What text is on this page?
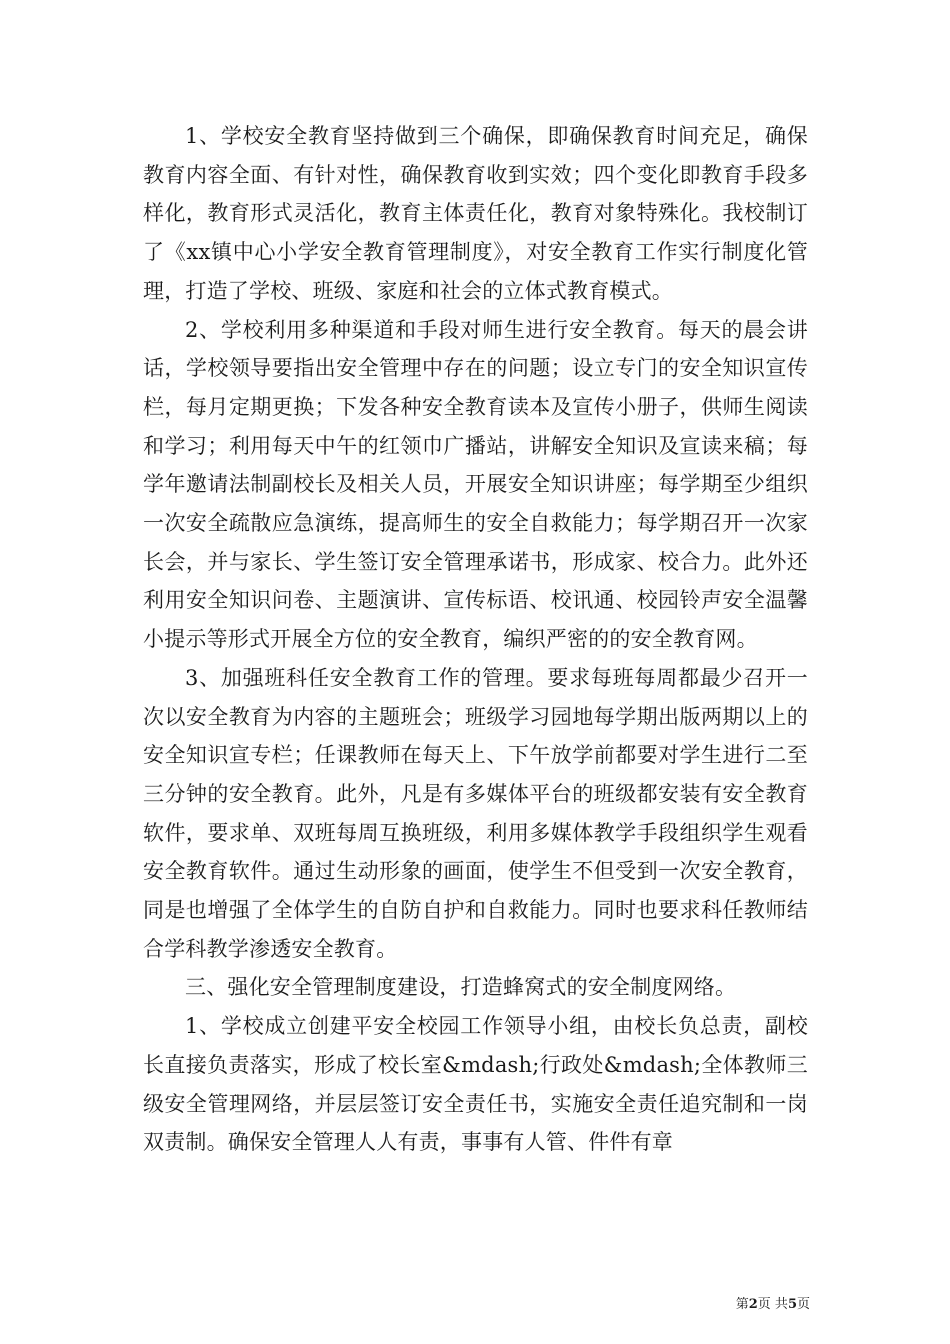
1、学校安全教育坚持做到三个确保，即确保教育时间充足，确保教育内容全面、有针对性，确保教育收到实效；四个变化即教育手段多样化，教育形式灵活化，教育主体责任化，教育对象特殊化。我校制订了《xx镇中心小学安全教育管理制度》，对安全教育工作实行制度化管理，打造了学校、班级、家庭和社会的立体式教育模式。

2、学校利用多种渠道和手段对师生进行安全教育。每天的晨会讲话，学校领导要指出安全管理中存在的问题；设立专门的安全知识宣传栏，每月定期更换；下发各种安全教育读本及宣传小册子，供师生阅读和学习；利用每天中午的红领巾广播站，讲解安全知识及宣读来稿；每学年邀请法制副校长及相关人员，开展安全知识讲座；每学期至少组织一次安全疏散应急演练，提高师生的安全自救能力；每学期召开一次家长会，并与家长、学生签订安全管理承诺书，形成家、校合力。此外还利用安全知识问卷、主题演讲、宣传标语、校讯通、校园铃声安全温馨小提示等形式开展全方位的安全教育，编织严密的的安全教育网。

3、加强班科任安全教育工作的管理。要求每班每周都最少召开一次以安全教育为内容的主题班会；班级学习园地每学期出版两期以上的安全知识宣专栏；任课教师在每天上、下午放学前都要对学生进行二至三分钟的安全教育。此外，凡是有多媒体平台的班级都安装有安全教育软件，要求单、双班每周互换班级，利用多媒体教学手段组织学生观看安全教育软件。通过生动形象的画面，使学生不但受到一次安全教育，同是也增强了全体学生的自防自护和自救能力。同时也要求科任教师结合学科教学渗透安全教育。

三、强化安全管理制度建设，打造蜂窝式的安全制度网络。

1、学校成立创建平安全校园工作领导小组，由校长负总责，副校长直接负责落实，形成了校长室&mdash;行政处&mdash;全体教师三级安全管理网络，并层层签订安全责任书，实施安全责任追究制和一岗双责制。确保安全管理人人有责，事事有人管、件件有章

第2页 共5页
